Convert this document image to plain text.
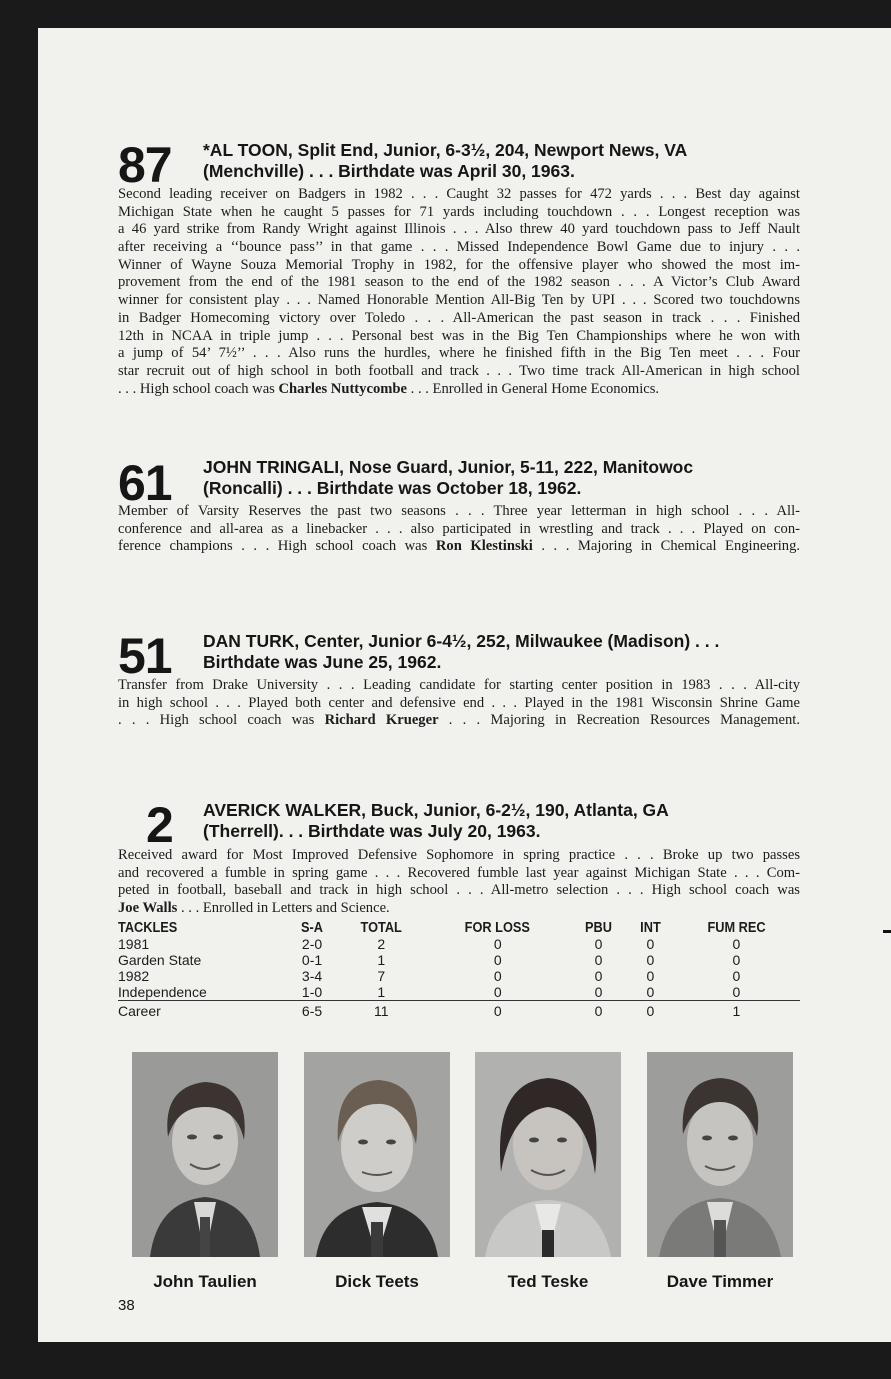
87 *AL TOON, Split End, Junior, 6-3½, 204, Newport News, VA
(Menchville) . . . Birthdate was April 30, 1963.
Second leading receiver on Badgers in 1982 . . . Caught 32 passes for 472 yards . . . Best day against
Michigan State when he caught 5 passes for 71 yards including touchdown . . . Longest reception was
a 46 yard strike from Randy Wright against Illinois . . . Also threw 40 yard touchdown pass to Jeff Nault
after receiving a ‘‘bounce pass’’ in that game . . . Missed Independence Bowl Game due to injury . . .
Winner of Wayne Souza Memorial Trophy in 1982, for the offensive player who showed the most im-
provement from the end of the 1981 season to the end of the 1982 season . . . A Victor’s Club Award
winner for consistent play . . . Named Honorable Mention All-Big Ten by UPI . . . Scored two touchdowns
in Badger Homecoming victory over Toledo . . . All-American the past season in track . . . Finished
12th in NCAA in triple jump . . . Personal best was in the Big Ten Championships where he won with
a jump of 54’ 7½’’ . . . Also runs the hurdles, where he finished fifth in the Big Ten meet . . . Four
star recruit out of high school in both football and track . . . Two time track All-American in high school
. . . High school coach was Charles Nuttycombe . . . Enrolled in General Home Economics.
61 JOHN TRINGALI, Nose Guard, Junior, 5-11, 222, Manitowoc
(Roncalli) . . . Birthdate was October 18, 1962.
Member of Varsity Reserves the past two seasons . . . Three year letterman in high school . . . All-
conference and all-area as a linebacker . . . also participated in wrestling and track . . . Played on con-
ference champions . . . High school coach was Ron Klestinski . . . Majoring in Chemical Engineering.
51 DAN TURK, Center, Junior 6-4½, 252, Milwaukee (Madison) . . .
Birthdate was June 25, 1962.
Transfer from Drake University . . . Leading candidate for starting center position in 1983 . . . All-city
in high school . . . Played both center and defensive end . . . Played in the 1981 Wisconsin Shrine Game
. . . High school coach was Richard Krueger . . . Majoring in Recreation Resources Management.
2 AVERICK WALKER, Buck, Junior, 6-2½, 190, Atlanta, GA
(Therrell). . . Birthdate was July 20, 1963.
Received award for Most Improved Defensive Sophomore in spring practice . . . Broke up two passes
and recovered a fumble in spring game . . . Recovered fumble last year against Michigan State . . . Com-
peted in football, baseball and track in high school . . . All-metro selection . . . High school coach was
Joe Walls . . . Enrolled in Letters and Science.
TACKLES	S-A	TOTAL	FOR LOSS	PBU	INT	FUM REC
1981	2-0	2	0	0	0	0
Garden State	0-1	1	0	0	0	0
1982	3-4	7	0	0	0	0
Independence	1-0	1	0	0	0	0
Career	6-5	11	0	0	0	1
John Taulien	Dick Teets	Ted Teske	Dave Timmer
38
